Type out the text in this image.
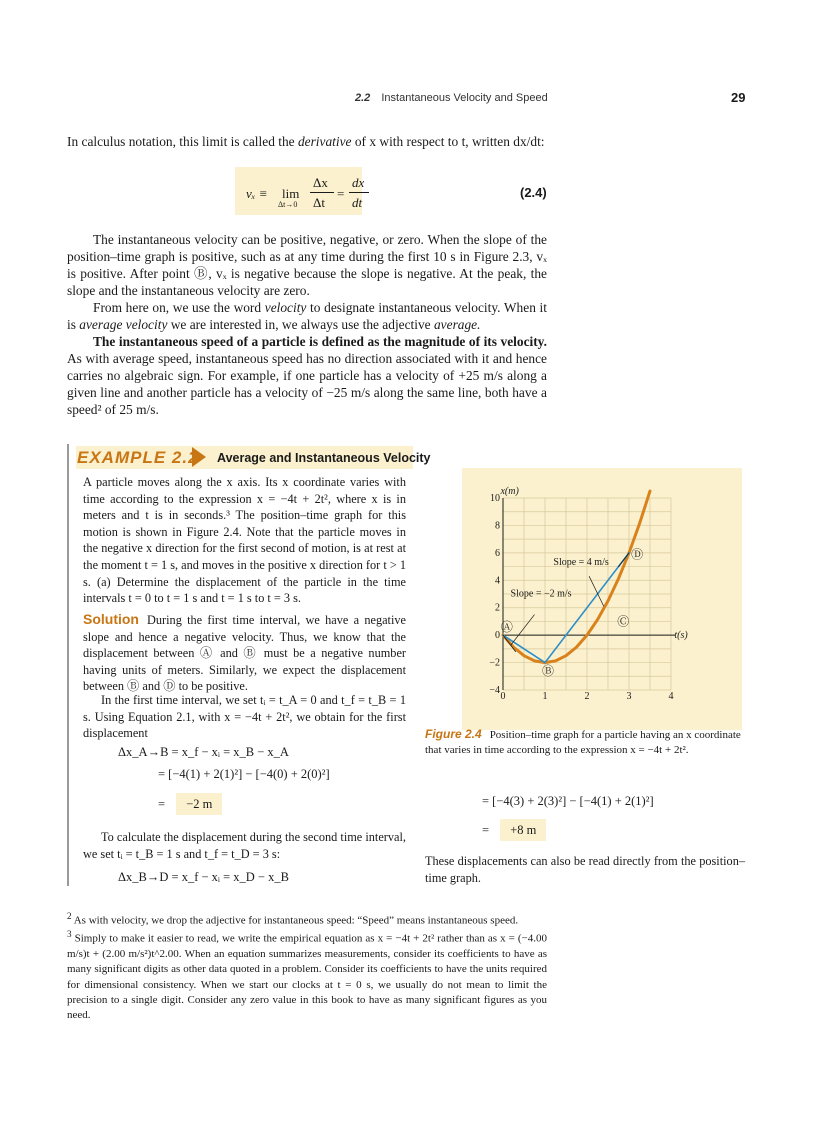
2.2 Instantaneous Velocity and Speed	29

In calculus notation, this limit is called the derivative of x with respect to t, written dx/dt:

vₓ ≡ lim
Δt→0
Δx
Δt
=
dx
dt
(2.4)

The instantaneous velocity can be positive, negative, or zero. When the slope of the position–time graph is positive, such as at any time during the first 10 s in Figure 2.3, vₓ is positive. After point Ⓑ, vₓ is negative because the slope is negative. At the peak, the slope and the instantaneous velocity are zero.

From here on, we use the word velocity to designate instantaneous velocity. When it is average velocity we are interested in, we always use the adjective average.

The instantaneous speed of a particle is defined as the magnitude of its velocity. As with average speed, instantaneous speed has no direction associated with it and hence carries no algebraic sign. For example, if one particle has a velocity of +25 m/s along a given line and another particle has a velocity of −25 m/s along the same line, both have a speed² of 25 m/s.

EXAMPLE 2.2 Average and Instantaneous Velocity

A particle moves along the x axis. Its x coordinate varies with time according to the expression x = −4t + 2t², where x is in meters and t is in seconds.³ The position–time graph for this motion is shown in Figure 2.4. Note that the particle moves in the negative x direction for the first second of motion, is at rest at the moment t = 1 s, and moves in the positive x direction for t > 1 s. (a) Determine the displacement of the particle in the time intervals t = 0 to t = 1 s and t = 1 s to t = 3 s.

Solution During the first time interval, we have a negative slope and hence a negative velocity. Thus, we know that the displacement between Ⓐ and Ⓑ must be a negative number having units of meters. Similarly, we expect the displacement between Ⓑ and Ⓓ to be positive.

In the first time interval, we set tᵢ = t_A = 0 and t_f = t_B = 1 s. Using Equation 2.1, with x = −4t + 2t², we obtain for the first displacement

Δx_A→B = x_f − xᵢ = x_B − x_A
= [−4(1) + 2(1)²] − [−4(0) + 2(0)²]
= −2 m

To calculate the displacement during the second time interval, we set tᵢ = t_B = 1 s and t_f = t_D = 3 s:

Δx_B→D = x_f − xᵢ = x_D − x_B
= [−4(3) + 2(3)²] − [−4(1) + 2(1)²]
= +8 m

These displacements can also be read directly from the position–time graph.

0	1	2	3	4
−4
−2
0
2
4
6
8
10
t(s)
x(m)
Slope = 4 m/s
Slope = −2 m/s
Ⓐ
Ⓑ
Ⓒ
Ⓓ
Figure 2.4 Position–time graph for a particle having an x coordinate that varies in time according to the expression x = −4t + 2t².

$^2$ As with velocity, we drop the adjective for instantaneous speed: “Speed” means instantaneous speed.

$^3$ Simply to make it easier to read, we write the empirical equation as x = −4t + 2t² rather than as x = (−4.00 m/s)t + (2.00 m/s²)t^2.00. When an equation summarizes measurements, consider its coefficients to have as many significant digits as other data quoted in a problem. Consider its coefficients to have the units required for dimensional consistency. When we start our clocks at t = 0 s, we usually do not mean to limit the precision to a single digit. Consider any zero value in this book to have as many significant figures as you need.
